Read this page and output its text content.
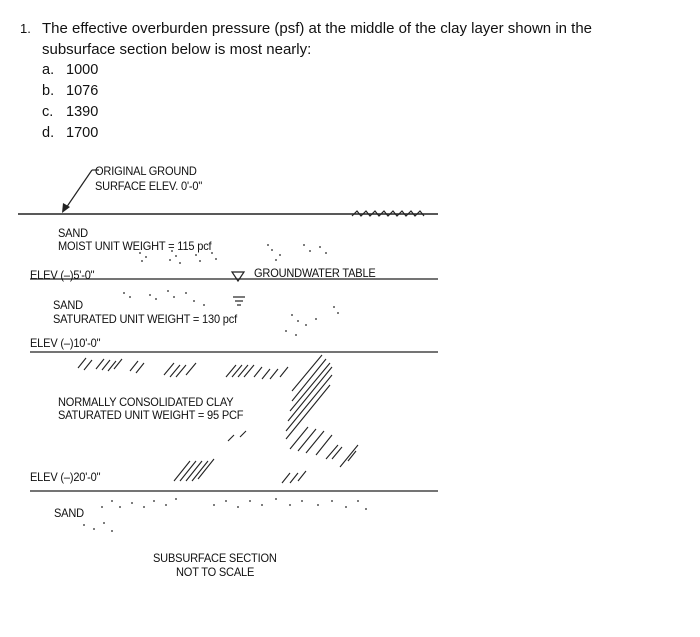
1. The effective overburden pressure (psf) at the middle of the clay layer shown in the subsurface section below is most nearly:
a. 1000
b. 1076
c. 1390
d. 1700
ORIGINAL GROUND
SURFACE ELEV. 0'-0"
SAND
MOIST UNIT WEIGHT = 115 pcf
ELEV (–)5'-0"	GROUNDWATER TABLE
SAND
SATURATED UNIT WEIGHT = 130 pcf
ELEV (–)10'-0"
NORMALLY CONSOLIDATED CLAY
SATURATED UNIT WEIGHT = 95 PCF
ELEV (–)20'-0"
SAND
SUBSURFACE SECTION
NOT TO SCALE
